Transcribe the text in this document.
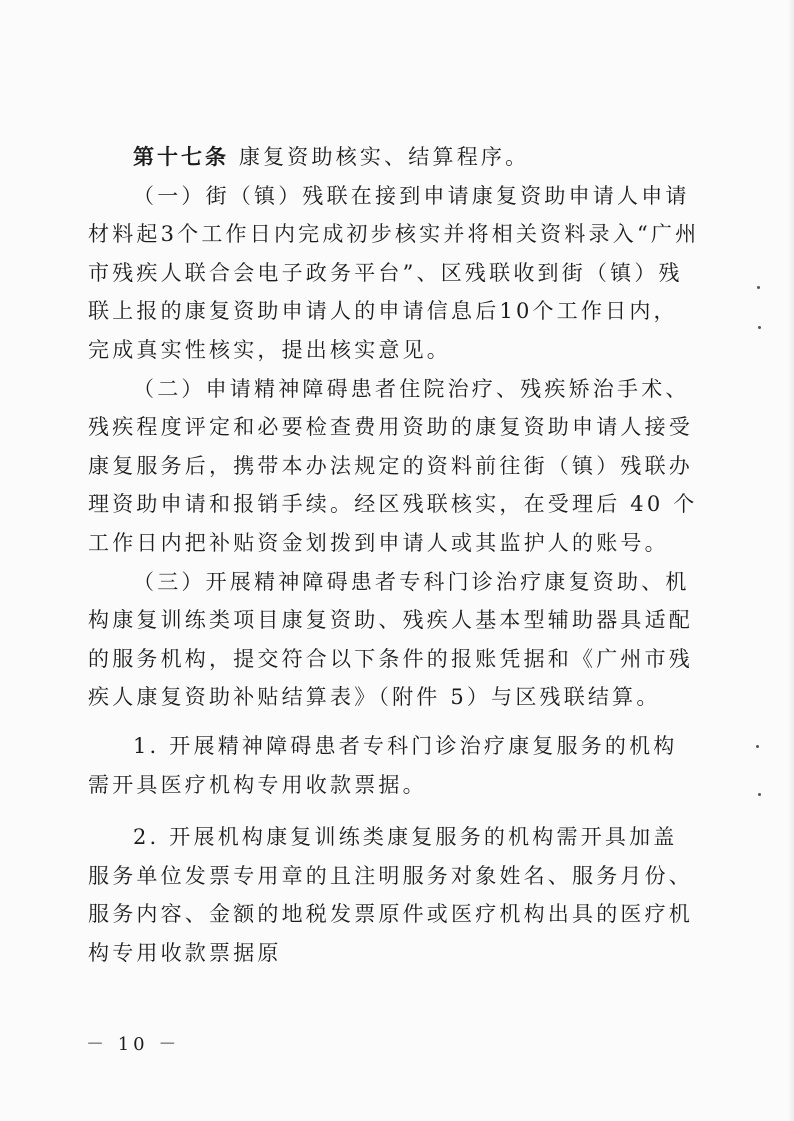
第十七条 康复资助核实、结算程序。

（一）街（镇）残联在接到申请康复资助申请人申请材料起3个工作日内完成初步核实并将相关资料录入“广州市残疾人联合会电子政务平台”、区残联收到街（镇）残联上报的康复资助申请人的申请信息后10个工作日内，完成真实性核实，提出核实意见。

（二）申请精神障碍患者住院治疗、残疾矫治手术、残疾程度评定和必要检查费用资助的康复资助申请人接受康复服务后，携带本办法规定的资料前往街（镇）残联办理资助申请和报销手续。经区残联核实，在受理后 40 个工作日内把补贴资金划拨到申请人或其监护人的账号。

（三）开展精神障碍患者专科门诊治疗康复资助、机构康复训练类项目康复资助、残疾人基本型辅助器具适配的服务机构，提交符合以下条件的报账凭据和《广州市残疾人康复资助补贴结算表》（附件 5）与区残联结算。

1. 开展精神障碍患者专科门诊治疗康复服务的机构需开具医疗机构专用收款票据。

2. 开展机构康复训练类康复服务的机构需开具加盖服务单位发票专用章的且注明服务对象姓名、服务月份、服务内容、金额的地税发票原件或医疗机构出具的医疗机构专用收款票据原

－ 10 －
